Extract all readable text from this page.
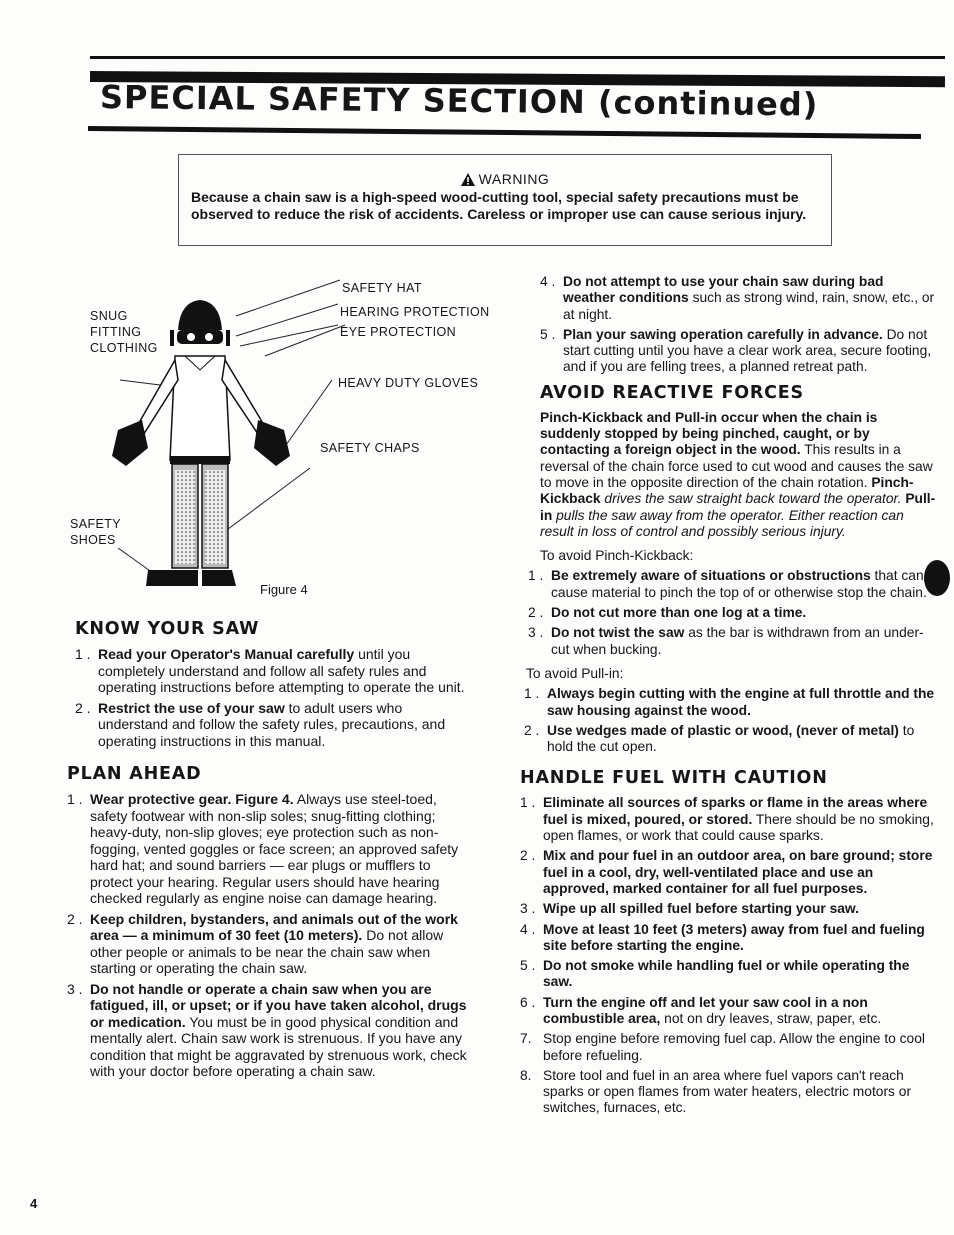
SPECIAL SAFETY SECTION (continued)
WARNING
Because a chain saw is a high-speed wood-cutting tool, special safety precautions must be observed to reduce the risk of accidents. Careless or improper use can cause serious injury.
SAFETY HAT
HEARING PROTECTION
EYE PROTECTION
HEAVY DUTY GLOVES
SAFETY CHAPS
SNUG
FITTING
CLOTHING
SAFETY
SHOES
Figure 4
KNOW YOUR SAW
1 . Read your Operator's Manual carefully until you completely understand and follow all safety rules and operating instructions before attempting to operate the unit.
2 . Restrict the use of your saw to adult users who understand and follow the safety rules, precautions, and operating instructions in this manual.
PLAN AHEAD
1 . Wear protective gear. Figure 4. Always use steel-toed, safety footwear with non-slip soles; snug-fitting clothing; heavy-duty, non-slip gloves; eye protection such as non-fogging, vented goggles or face screen; an approved safety hard hat; and sound barriers — ear plugs or mufflers to protect your hearing. Regular users should have hearing checked regularly as engine noise can damage hearing.
2 . Keep children, bystanders, and animals out of the work area — a minimum of 30 feet (10 meters). Do not allow other people or animals to be near the chain saw when starting or operating the chain saw.
3 . Do not handle or operate a chain saw when you are fatigued, ill, or upset; or if you have taken alcohol, drugs or medication. You must be in good physical condition and mentally alert. Chain saw work is strenuous. If you have any condition that might be aggravated by strenuous work, check with your doctor before operating a chain saw.
4 . Do not attempt to use your chain saw during bad weather conditions such as strong wind, rain, snow, etc., or at night.
5 . Plan your sawing operation carefully in advance. Do not start cutting until you have a clear work area, secure footing, and if you are felling trees, a planned retreat path.
AVOID REACTIVE FORCES

Pinch-Kickback and Pull-in occur when the chain is suddenly stopped by being pinched, caught, or by contacting a foreign object in the wood. This results in a reversal of the chain force used to cut wood and causes the saw to move in the opposite direction of the chain rotation. Pinch-Kickback drives the saw straight back toward the operator. Pull-in pulls the saw away from the operator. Either reaction can result in loss of control and possibly serious injury.

To avoid Pinch-Kickback:

1 . Be extremely aware of situations or obstructions that can cause material to pinch the top of or otherwise stop the chain.
2 . Do not cut more than one log at a time.
3 . Do not twist the saw as the bar is withdrawn from an under-cut when bucking.

To avoid Pull-in:

1 . Always begin cutting with the engine at full throttle and the saw housing against the wood.
2 . Use wedges made of plastic or wood, (never of metal) to hold the cut open.
HANDLE FUEL WITH CAUTION
1 . Eliminate all sources of sparks or flame in the areas where fuel is mixed, poured, or stored. There should be no smoking, open flames, or work that could cause sparks.
2 . Mix and pour fuel in an outdoor area, on bare ground; store fuel in a cool, dry, well-ventilated place and use an approved, marked container for all fuel purposes.
3 . Wipe up all spilled fuel before starting your saw.
4 . Move at least 10 feet (3 meters) away from fuel and fueling site before starting the engine.
5 . Do not smoke while handling fuel or while operating the saw.
6 . Turn the engine off and let your saw cool in a non combustible area, not on dry leaves, straw, paper, etc.
7. Stop engine before removing fuel cap. Allow the engine to cool before refueling.
8. Store tool and fuel in an area where fuel vapors can't reach sparks or open flames from water heaters, electric motors or switches, furnaces, etc.
4
